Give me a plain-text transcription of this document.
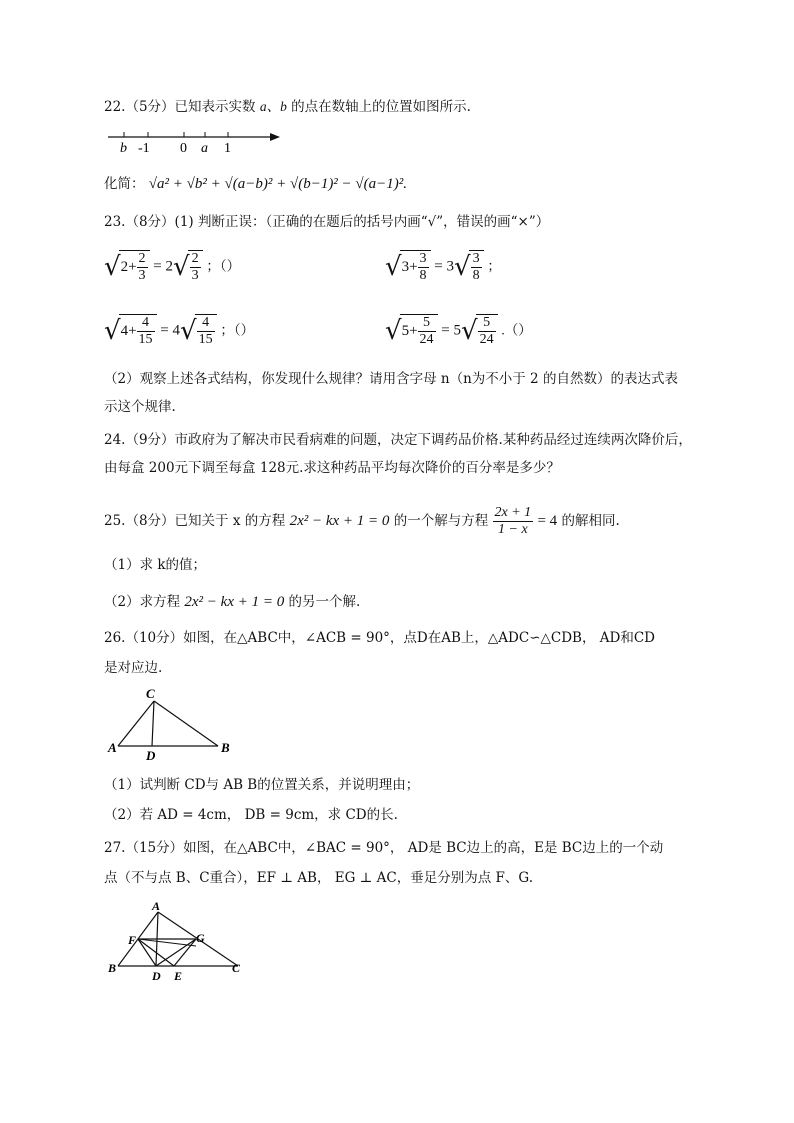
22.（5分）已知表示实数 a、b 的点在数轴上的位置如图所示.
b -1 0 a 1
化简： √a² + √b² + √(a−b)² + √(b−1)² − √(a−1)².
23.（8分）(1) 判断正误：（正确的在题后的括号内画“√”，错误的画“×”）
$√2+ \frac{2}{3} = 2√ \frac{2}{3}$ ；（）	$√3+ \frac{3}{8} = 3√ \frac{3}{8}$ ；
$√4+ \frac{4}{15} = 4√ \frac{4}{15}$ ；（）	$√5+ \frac{5}{24} = 5√ \frac{5}{24}$ .（）
（2）观察上述各式结构，你发现什么规律？请用含字母 n（n为不小于 2 的自然数）的表达式表
示这个规律.
24.（9分）市政府为了解决市民看病难的问题，决定下调药品价格.某种药品经过连续两次降价后，
由每盒 200元下调至每盒 128元.求这种药品平均每次降价的百分率是多少？
25.（8分）已知关于 x 的方程 2x² − kx + 1 = 0 的一个解与方程 $\frac{2x + 1}{1 - x} = 4$ 的解相同.
（1）求 k的值；
（2）求方程 2x² − kx + 1 = 0 的另一个解.
26.（10分）如图，在△ABC中，∠ACB = 90°，点D在AB上，△ADC∽△CDB， AD和CD
是对应边.
C
A	B
D
（1）试判断 CD与 AB B的位置关系，并说明理由；
（2）若 AD = 4cm， DB = 9cm，求 CD的长.
27.（15分）如图，在△ABC中，∠BAC = 90°， AD是 BC边上的高，E是 BC边上的一个动
点（不与点 B、C重合），EF ⊥ AB， EG ⊥ AC，垂足分别为点 F、G.
A
F	G
B	C
D E
